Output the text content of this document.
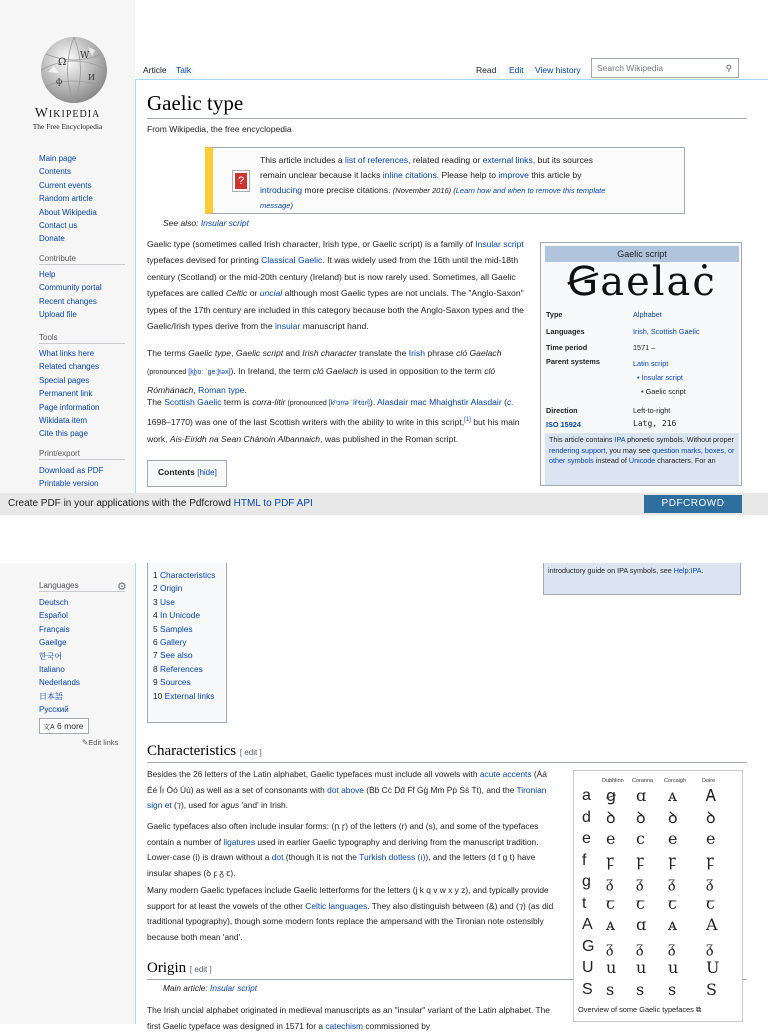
Ω
W
И
ф
Wikipedia
The Free Encyclopedia
Main page
Contents
Current events
Random article
About Wikipedia
Contact us
Donate
Contribute
Help
Community portal
Recent changes
Upload file
Tools
What links here
Related changes
Special pages
Permanent link
Page information
Wikidata item
Cite this page
Print/export
Download as PDF
Printable version
Article	Talk	Read	Edit	View history	Search Wikipedia	⚲
Gaelic type
From Wikipedia, the free encyclopedia
?
This article includes a list of references, related reading or external links, but its sources
remain unclear because it lacks inline citations. Please help to improve this article by
introducing more precise citations. (November 2016) (Learn how and when to remove this template
message)
See also: Insular script
Gaelic type (sometimes called Irish character, Irish type, or Gaelic script) is a family of Insular script typefaces devised for printing Classical Gaelic. It was widely used from the 16th until the mid-18th century (Scotland) or the mid-20th century (Ireland) but is now rarely used. Sometimes, all Gaelic typefaces are called Celtic or uncial although most Gaelic types are not uncials. The "Anglo-Saxon" types of the 17th century are included in this category because both the Anglo-Saxon types and the Gaelic/Irish types derive from the insular manuscript hand.
The terms Gaelic type, Gaelic script and Irish character translate the Irish phrase cló Gaelach (pronounced [kl̪ˠoː ˈɡeːl̪ˠəx]). In Ireland, the term cló Gaelach is used in opposition to the term cló Rómhánach, Roman type.
The Scottish Gaelic term is corra-litir (pronounced [kʰɔrˠə ˈliʰtʲɪɾʲ]). Alasdair mac Mhaighstir Alasdair (c. 1698–1770) was one of the last Scottish writers with the ability to write in this script,[1] but his main work, Ais-Eiridh na Sean Chánoin Albannaich, was published in the Roman script.
Contents [hide]
Gaelic script
Ꞡaelaċ
Type	Alphabet
Languages	Irish, Scottish Gaelic
Time period	1571 –
Parent systems	Latin script
• Insular script
• Gaelic script
Direction	Left-to-right
ISO 15924	Latg, 216
This article contains IPA phonetic symbols. Without proper rendering support, you may see question marks, boxes, or other symbols instead of Unicode characters. For an
Create PDF in your applications with the Pdfcrowd HTML to PDF API	PDFCROWD
Languages	⚙
Deutsch
Español
Français
Gaeilge
한국어
Italiano
Nederlands
日本語
Русский
文A 6 more
✎Edit links
1 Characteristics
2 Origin
3 Use
4 In Unicode
5 Samples
6 Gallery
7 See also
8 References
9 Sources
10 External links
introductory guide on IPA symbols, see Help:IPA.
Characteristics [ edit ]
Besides the 26 letters of the Latin alphabet, Gaelic typefaces must include all vowels with acute accents (Áá Éé Íı Óó Úú) as well as a set of consonants with dot above (Ḃḃ Ċċ Ḋḋ Ḟḟ Ġġ Ṁṁ Ṗṗ Ṡṡ Ṫṫ), and the Tironian sign et (⁊), used for agus 'and' in Irish.
Gaelic typefaces also often include insular forms: (ꞃ ꞅ) of the letters (r) and (s), and some of the typefaces contain a number of ligatures used in earlier Gaelic typography and deriving from the manuscript tradition. Lower-case (i) is drawn without a dot (though it is not the Turkish dotless (ı)), and the letters (d f g t) have insular shapes (ꝺ ꝼ ᵹ ꞇ).
Many modern Gaelic typefaces include Gaelic letterforms for the letters (j k q v w x y z), and typically provide support for at least the vowels of the other Celtic languages. They also distinguish between (&) and (⁊) (as did traditional typography), though some modern fonts replace the ampersand with the Tironian note ostensibly because both mean 'and'.
Origin [ edit ]
Main article: Insular script
The Irish uncial alphabet originated in medieval manuscripts as an "insular" variant of the Latin alphabet. The first Gaelic typeface was designed in 1571 for a catechism commissioned by
Dubhlinn Coranna Corcaigh	Doire
a ꞡ ɑ ᴀ Ꭺ
d ꝺ ꝺ ꝺ ꝺ
e e ϲ e e
f ꝼ ꝼ ꝼ ꝼ
g ᵹ ᵹ ᵹ ᵹ
t ꞇ ꞇ ꞇ ꞇ
A ᴀ ɑ ᴀ A
G ᵹ ᵹ ᵹ ᵹ
U u u u U
S s s s S
Overview of some Gaelic typefaces ⧉
